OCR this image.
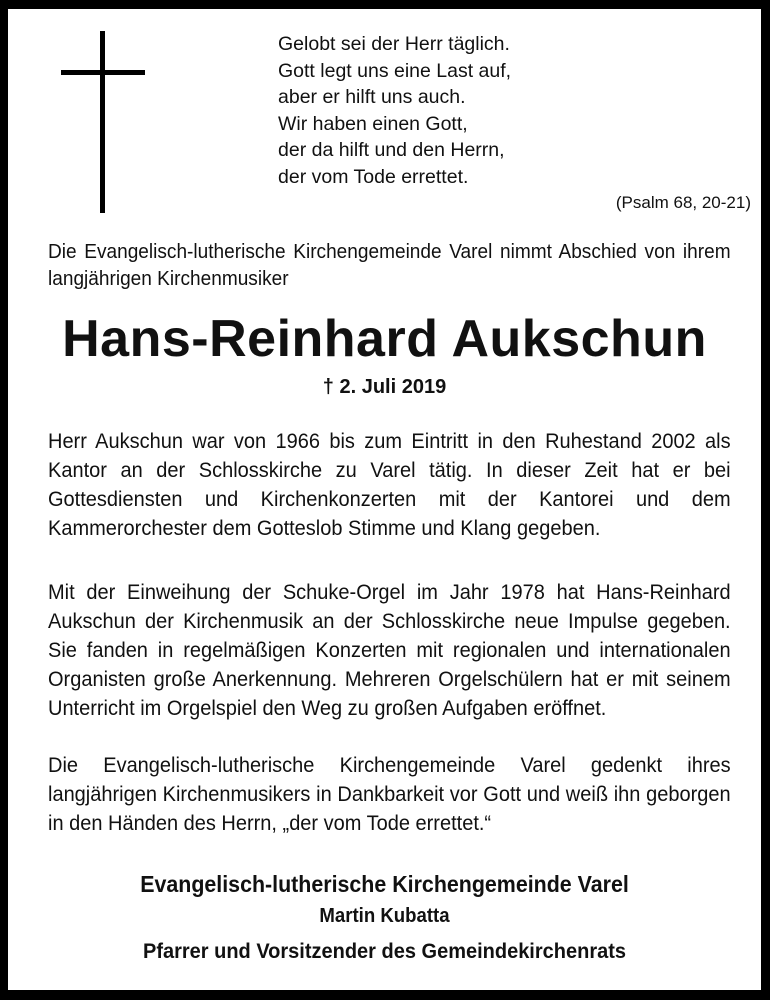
Gelobt sei der Herr täglich.
Gott legt uns eine Last auf,
aber er hilft uns auch.
Wir haben einen Gott,
der da hilft und den Herrn,
der vom Tode errettet.
(Psalm 68, 20-21)
Die Evangelisch-lutherische Kirchengemeinde Varel nimmt Abschied von ihrem langjährigen Kirchenmusiker
Hans-Reinhard Aukschun
† 2. Juli 2019
Herr Aukschun war von 1966 bis zum Eintritt in den Ruhestand 2002 als Kantor an der Schlosskirche zu Varel tätig. In dieser Zeit hat er bei Gottesdiensten und Kirchenkonzerten mit der Kantorei und dem Kammerorchester dem Gotteslob Stimme und Klang gegeben.
Mit der Einweihung der Schuke-Orgel im Jahr 1978 hat Hans-Reinhard Aukschun der Kirchenmusik an der Schlosskirche neue Impulse gegeben. Sie fanden in regelmäßigen Konzerten mit regionalen und internationalen Organisten große Anerkennung. Mehreren Orgelschülern hat er mit seinem Unterricht im Orgelspiel den Weg zu großen Aufgaben eröffnet.
Die Evangelisch-lutherische Kirchengemeinde Varel gedenkt ihres langjährigen Kirchenmusikers in Dankbarkeit vor Gott und weiß ihn geborgen in den Händen des Herrn, „der vom Tode errettet.“
Evangelisch-lutherische Kirchengemeinde Varel
Martin Kubatta
Pfarrer und Vorsitzender des Gemeindekirchenrats
